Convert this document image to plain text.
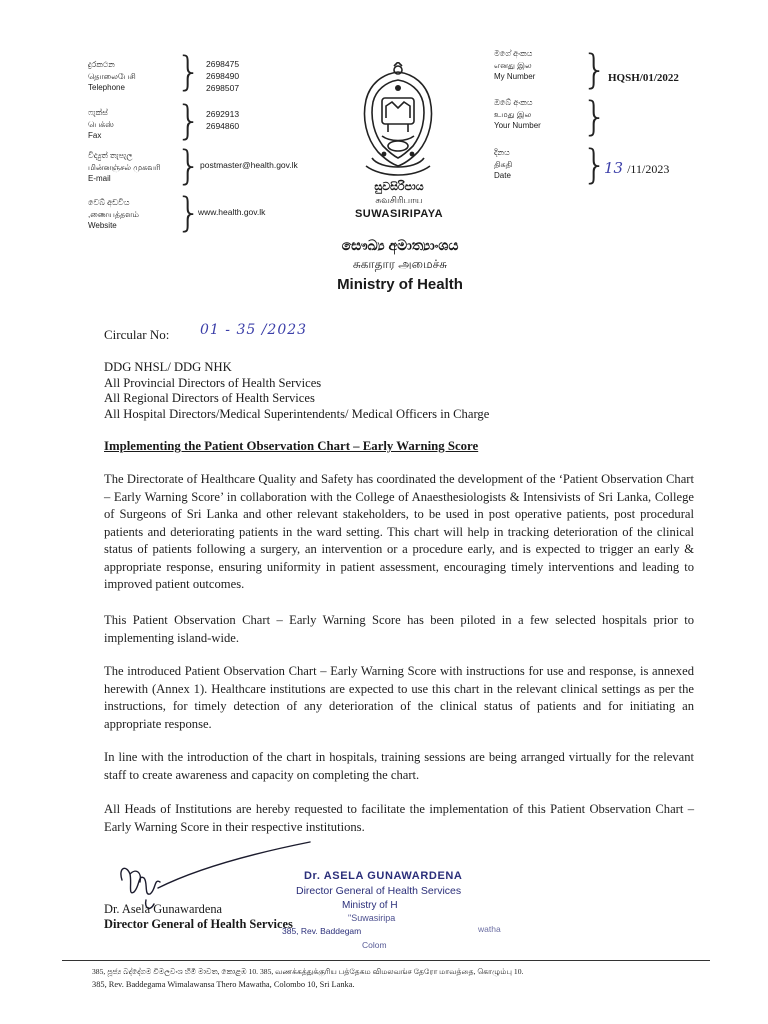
දුරකථන
தொலைபேசி
Telephone } 2698475
2698490
2698507
ෆැක්ස්
பெக்ஸ்
Fax	} 2692913
2694860
විද්‍යුත් තැපැල
மின்னஞ்சல் முகவரி
E-mail	}
postmaster@health.gov.lk
වෙබ් අඩවිය
,ணையத்தளம்
Website	}
www.health.gov.lk
සුවසිරිපාය
சுவசிரிபாய
SUWASIRIPAYA
මගේ අංකය
எனது இல
My Number } HQSH/01/2022
ඔබේ අංකය
உமது இல
Your Number }
දිනය
திகதி
Date }
13 /11/2023
සෞඛ්‍ය අමාත්‍යාංශය
சுகாதார அமைச்சு
Ministry of Health
Circular No: 01 - 35 /2023
DDG NHSL/ DDG NHK
All Provincial Directors of Health Services
All Regional Directors of Health Services
All Hospital Directors/Medical Superintendents/ Medical Officers in Charge
Implementing the Patient Observation Chart – Early Warning Score
The Directorate of Healthcare Quality and Safety has coordinated the development of the ‘Patient Observation Chart – Early Warning Score’ in collaboration with the College of Anaesthesiologists & Intensivists of Sri Lanka, College of Surgeons of Sri Lanka and other relevant stakeholders, to be used in post operative patients, post procedural patients and deteriorating patients in the ward setting. This chart will help in tracking deterioration of the clinical status of patients following a surgery, an intervention or a procedure early, and is expected to trigger an early & appropriate response, ensuring uniformity in patient assessment, encouraging timely interventions and leading to improved patient outcomes.
This Patient Observation Chart – Early Warning Score has been piloted in a few selected hospitals prior to implementing island-wide.
The introduced Patient Observation Chart – Early Warning Score with instructions for use and response, is annexed herewith (Annex 1). Healthcare institutions are expected to use this chart in the relevant clinical settings as per the instructions, for timely detection of any deterioration of the clinical status of patients and for initiating an appropriate response.
In line with the introduction of the chart in hospitals, training sessions are being arranged virtually for the relevant staff to create awareness and capacity on completing the chart.
All Heads of Institutions are hereby requested to facilitate the implementation of this Patient Observation Chart – Early Warning Score in their respective institutions.
Dr. Asela Gunawardena
Director General of Health Services
Dr. ASELA GUNAWARDENA
Director General of Health Services
Ministry of H
"Suwasiripa
385, Rev. Baddegam	watha
Colom
385, පූජ්‍ය බද්දේගම විමලවංශ හිමි මාවත, කොළඹ 10. 385, வணக்கத்துக்குரிய பத்தேகம விமலவங்ச தேரோ மாவத்தை, கொழும்பு 10.
385, Rev. Baddegama Wimalawansa Thero Mawatha, Colombo 10, Sri Lanka.
